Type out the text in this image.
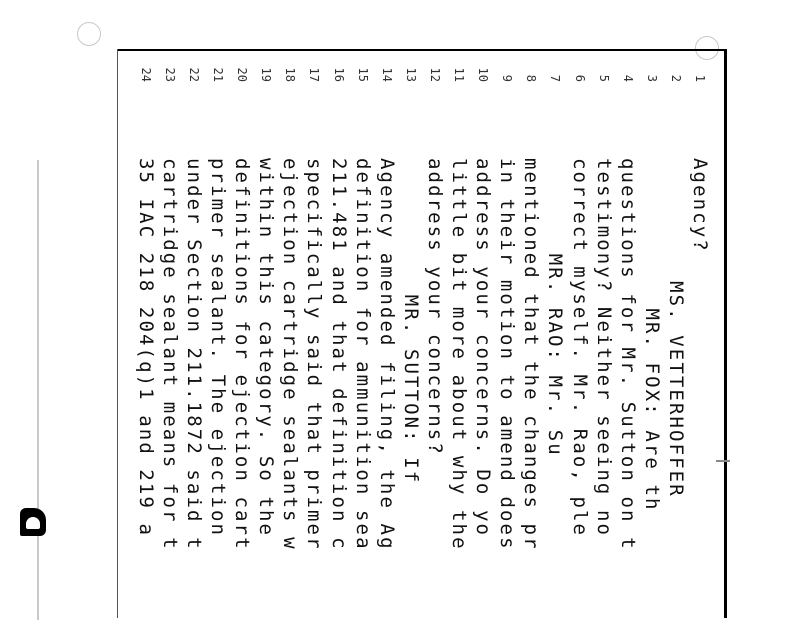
1
Agency?
2
MS. VETTERHOFFER
3
MR. FOX: Are th
4
questions for Mr. Sutton on t
5
testimony? Neither seeing no
6
correct myself. Mr. Rao, ple
7
MR. RAO: Mr. Su
8
mentioned that the changes pr
9
in their motion to amend does
10
address your concerns. Do yo
11
little bit more about why the
12
address your concerns?
13
MR. SUTTON: If
14
Agency amended filing, the Ag
15
definition for ammunition sea
16
211.481 and that definition c
17
specifically said that primer
18
ejection cartridge sealants w
19
within this category. So the
20
definitions for ejection cart
21
primer sealant. The ejection
22
under Section 211.1872 said t
23
cartridge sealant means for t
24
35 IAC 218 204(q)1 and 219 a
